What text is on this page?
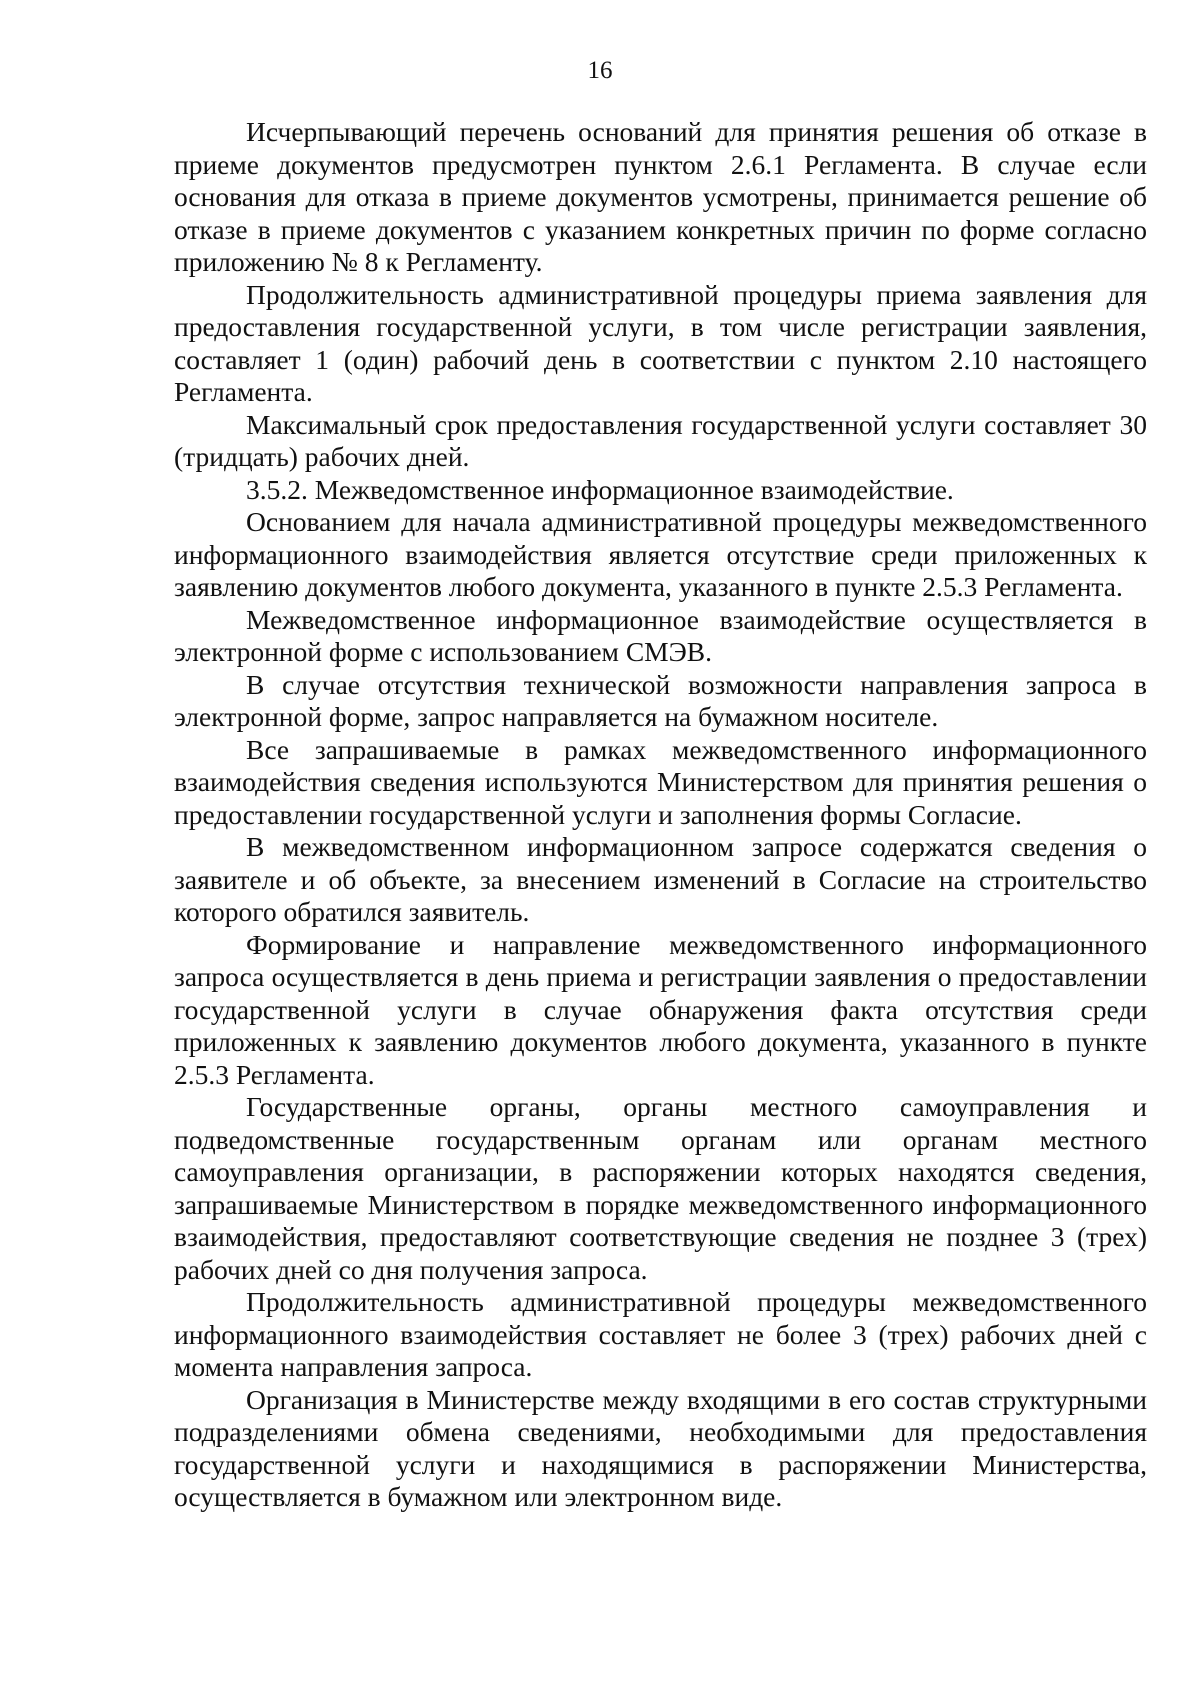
16

Исчерпывающий перечень оснований для принятия решения об отказе в приеме документов предусмотрен пунктом 2.6.1 Регламента. В случае если основания для отказа в приеме документов усмотрены, принимается решение об отказе в приеме документов с указанием конкретных причин по форме согласно приложению № 8 к Регламенту.

Продолжительность административной процедуры приема заявления для предоставления государственной услуги, в том числе регистрации заявления, составляет 1 (один) рабочий день в соответствии с пунктом 2.10 настоящего Регламента.

Максимальный срок предоставления государственной услуги составляет 30 (тридцать) рабочих дней.

3.5.2. Межведомственное информационное взаимодействие.

Основанием для начала административной процедуры межведомственного информационного взаимодействия является отсутствие среди приложенных к заявлению документов любого документа, указанного в пункте 2.5.3 Регламента.

Межведомственное информационное взаимодействие осуществляется в электронной форме с использованием СМЭВ.

В случае отсутствия технической возможности направления запроса в электронной форме, запрос направляется на бумажном носителе.

Все запрашиваемые в рамках межведомственного информационного взаимодействия сведения используются Министерством для принятия решения о предоставлении государственной услуги и заполнения формы Согласие.

В межведомственном информационном запросе содержатся сведения о заявителе и об объекте, за внесением изменений в Согласие на строительство которого обратился заявитель.

Формирование и направление межведомственного информационного запроса осуществляется в день приема и регистрации заявления о предоставлении государственной услуги в случае обнаружения факта отсутствия среди приложенных к заявлению документов любого документа, указанного в пункте 2.5.3 Регламента.

Государственные органы, органы местного самоуправления и подведомственные государственным органам или органам местного самоуправления организации, в распоряжении которых находятся сведения, запрашиваемые Министерством в порядке межведомственного информационного взаимодействия, предоставляют соответствующие сведения не позднее 3 (трех) рабочих дней со дня получения запроса.

Продолжительность административной процедуры межведомственного информационного взаимодействия составляет не более 3 (трех) рабочих дней с момента направления запроса.

Организация в Министерстве между входящими в его состав структурными подразделениями обмена сведениями, необходимыми для предоставления государственной услуги и находящимися в распоряжении Министерства, осуществляется в бумажном или электронном виде.
